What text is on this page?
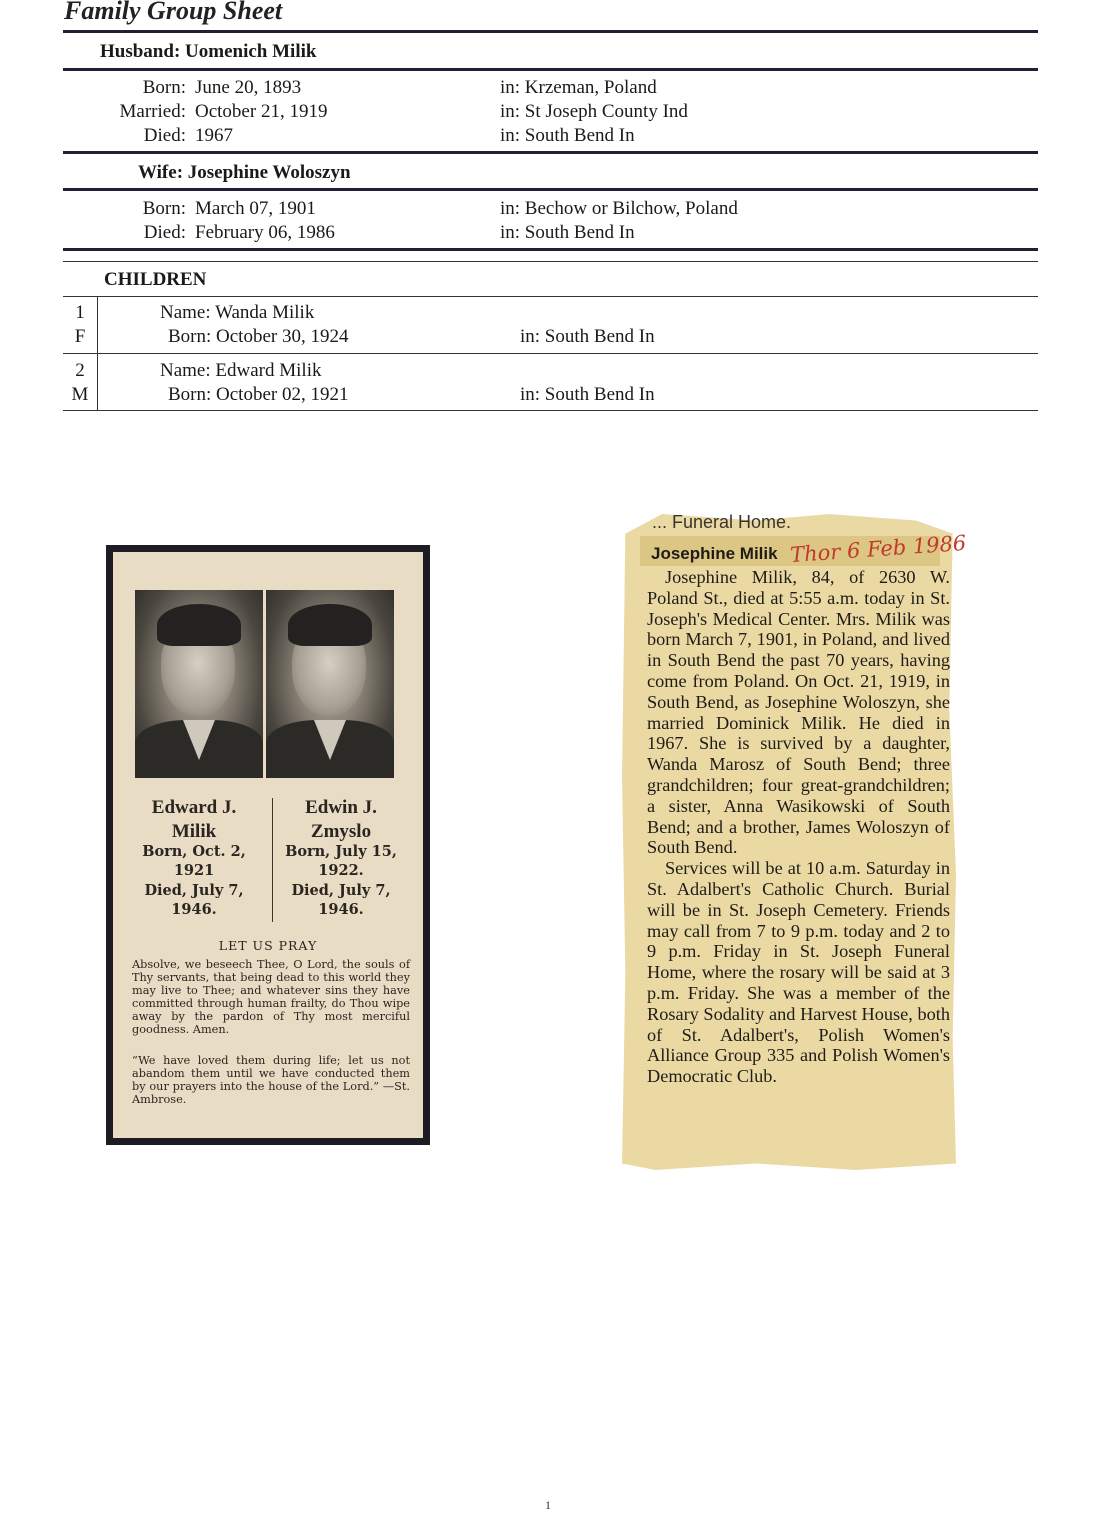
Family Group Sheet
Husband: Uomenich Milik
Born: June 20, 1893	in: Krzeman, Poland
Married: October 21, 1919	in: St Joseph County Ind
Died: 1967	in: South Bend In
Wife: Josephine Woloszyn
Born: March 07, 1901	in: Bechow or Bilchow, Poland
Died: February 06, 1986	in: South Bend In
CHILDREN
1
F
Name: Wanda Milik
Born: October 30, 1924	in: South Bend In
2
M
Name: Edward Milik
Born: October 02, 1921	in: South Bend In
Edward J.
Milik
Born, Oct. 2,
1921
Died, July 7,
1946.
Edwin J.
Zmyslo
Born, July 15,
1922.
Died, July 7,
1946.
LET US PRAY
Absolve, we beseech Thee, O Lord, the souls of Thy servants, that being dead to this world they may live to Thee; and whatever sins they have committed through human frailty, do Thou wipe away by the pardon of Thy most merciful goodness. Amen.
“We have loved them during life; let us not abandom them until we have conducted them by our prayers into the house of the Lord.” —St. Ambrose.
... Funeral Home.
Josephine Milik Thor 6 Feb 1986

Josephine Milik, 84, of 2630 W. Poland St., died at 5:55 a.m. today in St. Joseph's Medical Center. Mrs. Milik was born March 7, 1901, in Poland, and lived in South Bend the past 70 years, having come from Poland. On Oct. 21, 1919, in South Bend, as Josephine Woloszyn, she married Dominick Milik. He died in 1967. She is survived by a daughter, Wanda Marosz of South Bend; three grandchildren; four great-grandchildren; a sister, Anna Wasikowski of South Bend; and a brother, James Woloszyn of South Bend.

Services will be at 10 a.m. Saturday in St. Adalbert's Catholic Church. Burial will be in St. Joseph Cemetery. Friends may call from 7 to 9 p.m. today and 2 to 9 p.m. Friday in St. Joseph Funeral Home, where the rosary will be said at 3 p.m. Friday. She was a member of the Rosary Sodality and Harvest House, both of St. Adalbert's, Polish Women's Alliance Group 335 and Polish Women's Democratic Club.

1
